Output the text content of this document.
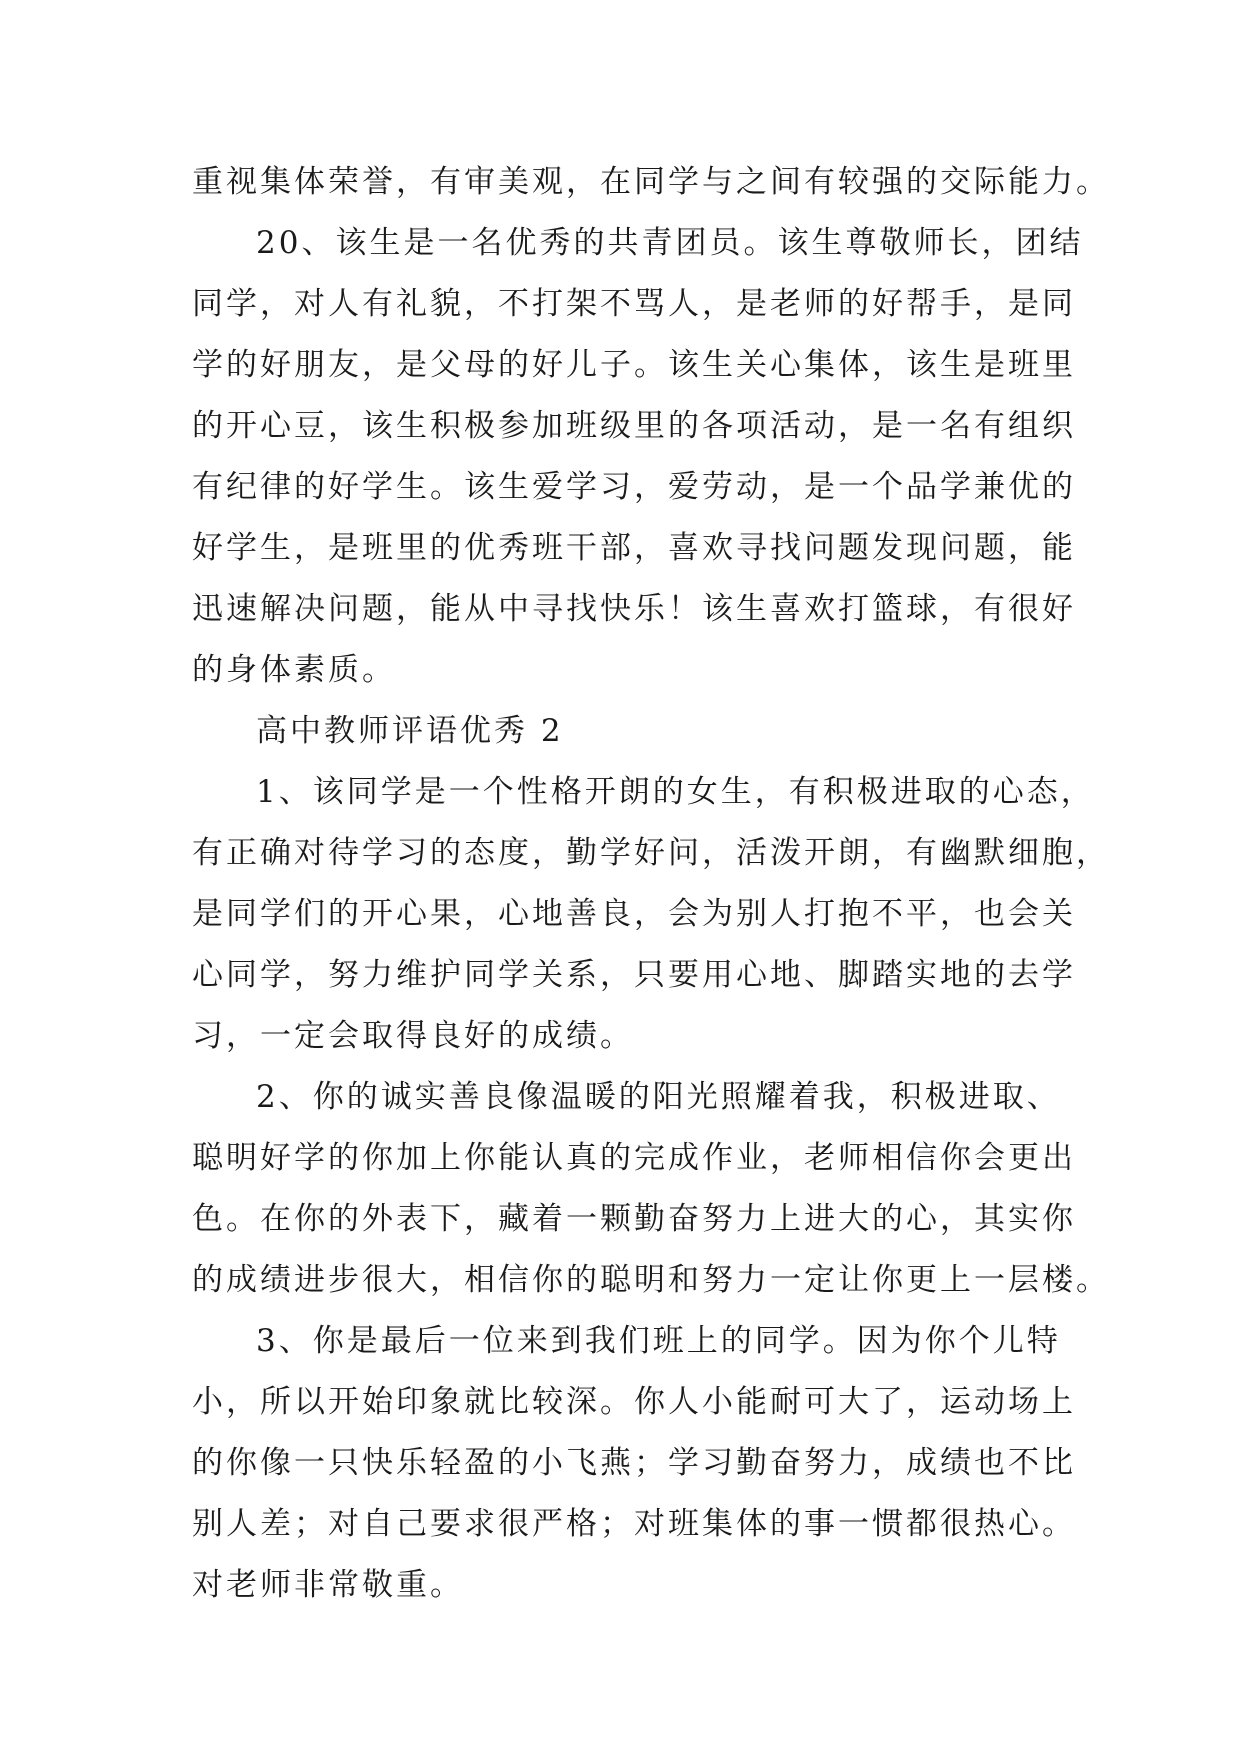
重视集体荣誉，有审美观，在同学与之间有较强的交际能力。
20、该生是一名优秀的共青团员。该生尊敬师长，团结
同学，对人有礼貌，不打架不骂人，是老师的好帮手，是同
学的好朋友，是父母的好儿子。该生关心集体，该生是班里
的开心豆，该生积极参加班级里的各项活动，是一名有组织
有纪律的好学生。该生爱学习，爱劳动，是一个品学兼优的
好学生，是班里的优秀班干部，喜欢寻找问题发现问题，能
迅速解决问题，能从中寻找快乐！该生喜欢打篮球，有很好
的身体素质。
高中教师评语优秀 2
1、该同学是一个性格开朗的女生，有积极进取的心态，
有正确对待学习的态度，勤学好问，活泼开朗，有幽默细胞，
是同学们的开心果，心地善良，会为别人打抱不平，也会关
心同学，努力维护同学关系，只要用心地、脚踏实地的去学
习，一定会取得良好的成绩。
2、你的诚实善良像温暖的阳光照耀着我，积极进取、
聪明好学的你加上你能认真的完成作业，老师相信你会更出
色。在你的外表下，藏着一颗勤奋努力上进大的心，其实你
的成绩进步很大，相信你的聪明和努力一定让你更上一层楼。
3、你是最后一位来到我们班上的同学。因为你个儿特
小，所以开始印象就比较深。你人小能耐可大了，运动场上
的你像一只快乐轻盈的小飞燕；学习勤奋努力，成绩也不比
别人差；对自己要求很严格；对班集体的事一惯都很热心。
对老师非常敬重。
